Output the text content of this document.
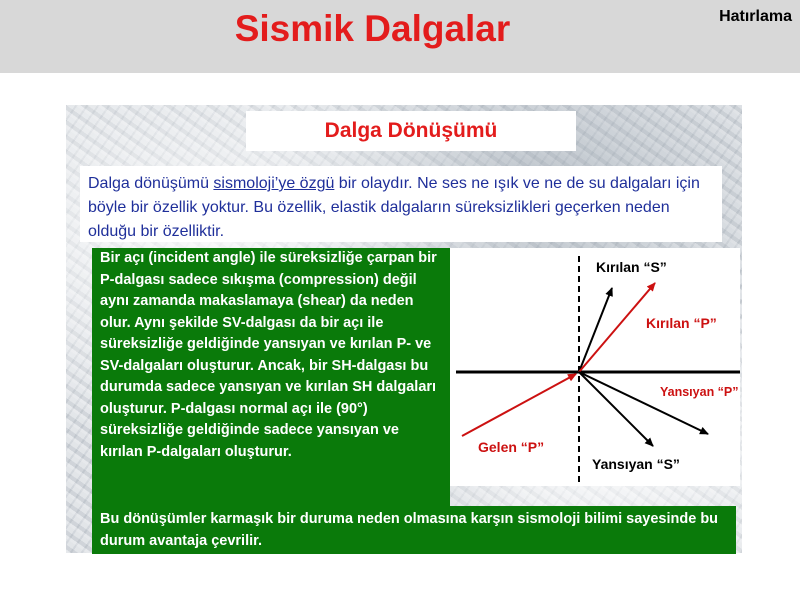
Sismik Dalgalar	Hatırlama
Dalga Dönüşümü
Dalga dönüşümü sismoloji’ye özgü bir olaydır. Ne ses ne ışık ve ne de su dalgaları için böyle bir özellik yoktur. Bu özellik, elastik dalgaların süreksizlikleri geçerken neden olduğu bir özelliktir.
Bir açı (incident angle) ile süreksizliğe çarpan bir P-dalgası sadece sıkışma (compression) değil aynı zamanda makaslamaya (shear) da neden olur. Aynı şekilde SV-dalgası da bir açı ile süreksizliğe geldiğinde yansıyan ve kırılan P- ve SV-dalgaları oluşturur. Ancak, bir SH-dalgası bu durumda sadece yansıyan ve kırılan SH dalgaları oluşturur. P-dalgası normal açı ile (90°) süreksizliğe geldiğinde sadece yansıyan ve kırılan P-dalgaları oluşturur.
Kırılan “S”
Kırılan “P”
Yansıyan “P”
Gelen “P”
Yansıyan “S”
Bu dönüşümler karmaşık bir duruma neden olmasına karşın sismoloji bilimi sayesinde bu durum avantaja çevrilir.
